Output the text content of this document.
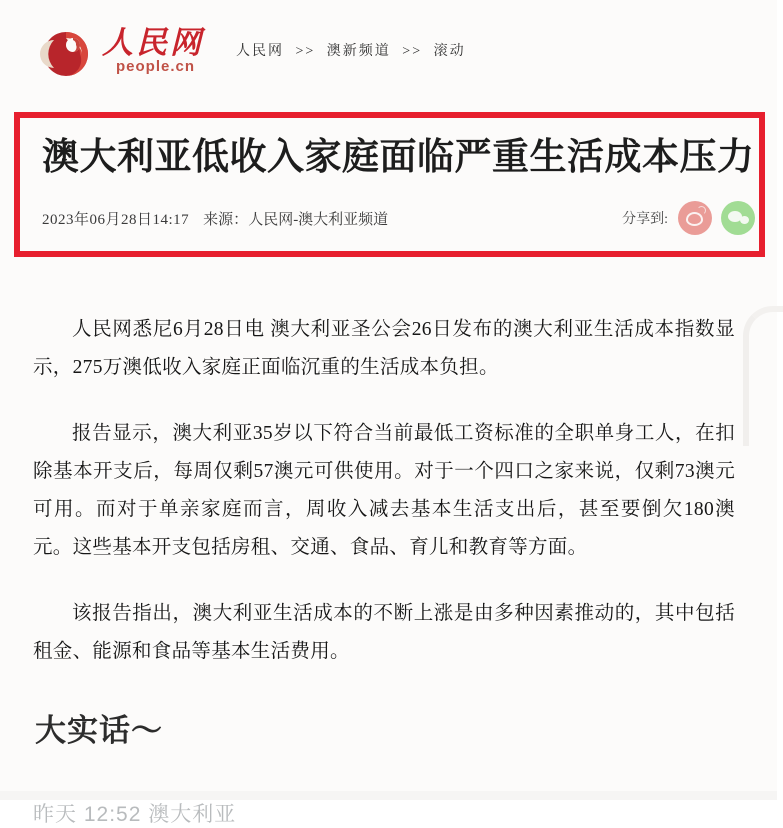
人民网
people.cn
人民网 >> 澳新频道 >> 滚动
澳大利亚低收入家庭面临严重生活成本压力
2023年06月28日14:17 来源： 人民网-澳大利亚频道	分享到:

人民网悉尼6月28日电 澳大利亚圣公会26日发布的澳大利亚生活成本指数显示，275万澳低收入家庭正面临沉重的生活成本负担。

报告显示，澳大利亚35岁以下符合当前最低工资标准的全职单身工人，在扣除基本开支后，每周仅剩57澳元可供使用。对于一个四口之家来说，仅剩73澳元可用。而对于单亲家庭而言，周收入减去基本生活支出后，甚至要倒欠180澳元。这些基本开支包括房租、交通、食品、育儿和教育等方面。

该报告指出，澳大利亚生活成本的不断上涨是由多种因素推动的，其中包括租金、能源和食品等基本生活费用。

大实话～
昨天 12:52 澳大利亚
